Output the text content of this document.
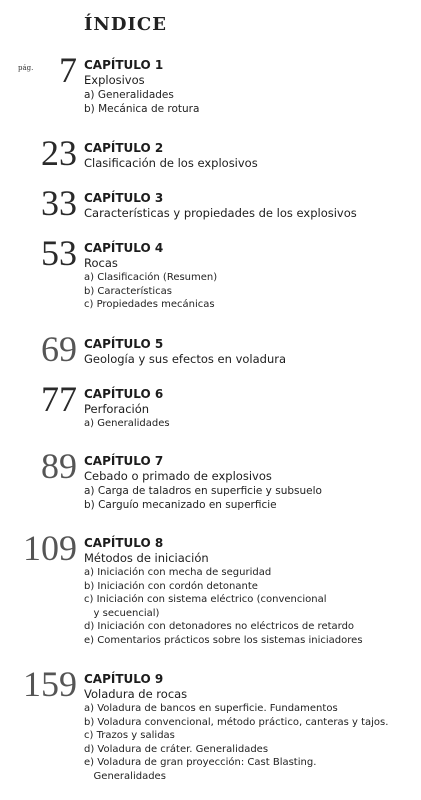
ÍNDICE
pág. 7 CAPÍTULO 1
Explosivos
a) Generalidades
b) Mecánica de rotura
23 CAPÍTULO 2
Clasificación de los explosivos
33 CAPÍTULO 3
Características y propiedades de los explosivos
53 CAPÍTULO 4
Rocas
a) Clasificación (Resumen)
b) Características
c) Propiedades mecánicas
69 CAPÍTULO 5
Geología y sus efectos en voladura
77 CAPÍTULO 6
Perforación
a) Generalidades
89 CAPÍTULO 7
Cebado o primado de explosivos
a) Carga de taladros en superficie y subsuelo
b) Carguío mecanizado en superficie
109 CAPÍTULO 8
Métodos de iniciación
a) Iniciación con mecha de seguridad
b) Iniciación con cordón detonante
c) Iniciación con sistema eléctrico (convencional
y secuencial)
d) Iniciación con detonadores no eléctricos de retardo
e) Comentarios prácticos sobre los sistemas iniciadores
159 CAPÍTULO 9
Voladura de rocas
a) Voladura de bancos en superficie. Fundamentos
b) Voladura convencional, método práctico, canteras y tajos.
c) Trazos y salidas
d) Voladura de cráter. Generalidades
e) Voladura de gran proyección: Cast Blasting.
Generalidades
